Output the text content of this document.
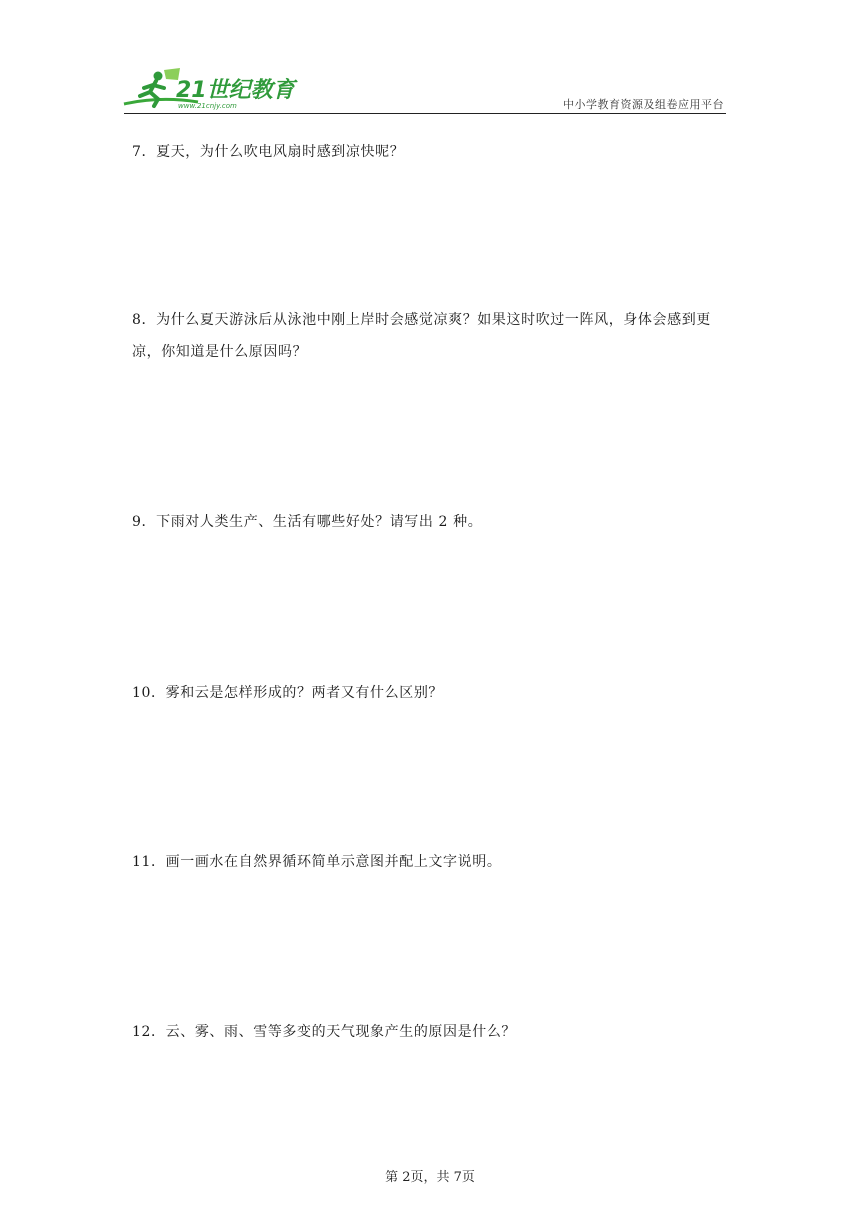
21世纪教育
www.21cnjy.com	中小学教育资源及组卷应用平台

7．夏天，为什么吹电风扇时感到凉快呢？

8．为什么夏天游泳后从泳池中刚上岸时会感觉凉爽？如果这时吹过一阵风，身体会感到更凉，你知道是什么原因吗？

9．下雨对人类生产、生活有哪些好处？请写出 2 种。

10．雾和云是怎样形成的？两者又有什么区别？

11．画一画水在自然界循环简单示意图并配上文字说明。

12．云、雾、雨、雪等多变的天气现象产生的原因是什么？

第 2页，共 7页
